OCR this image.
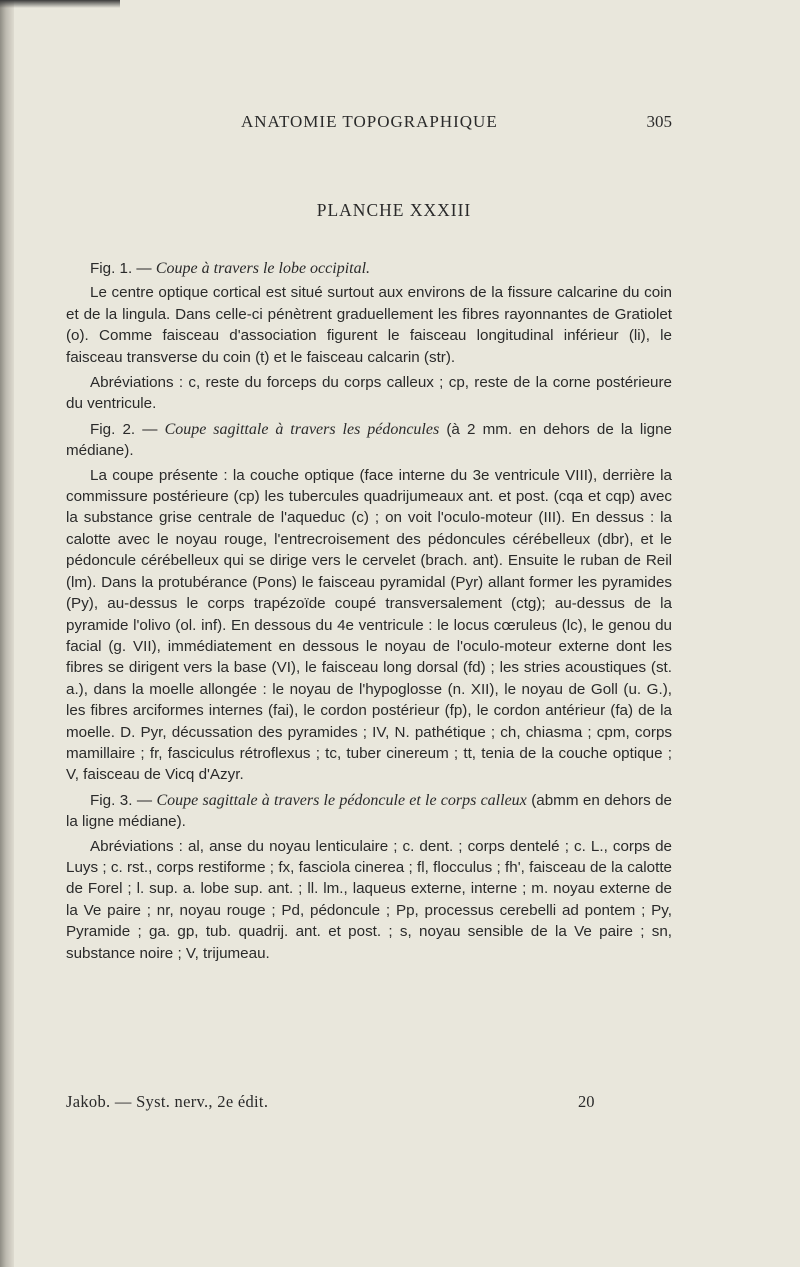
ANATOMIE TOPOGRAPHIQUE	305
PLANCHE XXXIII

Fig. 1. — Coupe à travers le lobe occipital.

Le centre optique cortical est situé surtout aux environs de la fissure calcarine du coin et de la lingula. Dans celle-ci pénètrent graduellement les fibres rayonnantes de Gratiolet (o). Comme faisceau d'association figurent le faisceau longitudinal inférieur (li), le faisceau transverse du coin (t) et le faisceau calcarin (str).

Abréviations : c, reste du forceps du corps calleux ; cp, reste de la corne postérieure du ventricule.

Fig. 2. — Coupe sagittale à travers les pédoncules (à 2 mm. en dehors de la ligne médiane).

La coupe présente : la couche optique (face interne du 3e ventricule VIII), derrière la commissure postérieure (cp) les tubercules quadrijumeaux ant. et post. (cqa et cqp) avec la substance grise centrale de l'aqueduc (c) ; on voit l'oculo-moteur (III). En dessus : la calotte avec le noyau rouge, l'entrecroisement des pédoncules cérébelleux (dbr), et le pédoncule cérébelleux qui se dirige vers le cervelet (brach. ant). Ensuite le ruban de Reil (lm). Dans la protubérance (Pons) le faisceau pyramidal (Pyr) allant former les pyramides (Py), au-dessus le corps trapézoïde coupé transversalement (ctg); au-dessus de la pyramide l'olivo (ol. inf). En dessous du 4e ventricule : le locus cœruleus (lc), le genou du facial (g. VII), immédiatement en dessous le noyau de l'oculo-moteur externe dont les fibres se dirigent vers la base (VI), le faisceau long dorsal (fd) ; les stries acoustiques (st. a.), dans la moelle allongée : le noyau de l'hypoglosse (n. XII), le noyau de Goll (u. G.), les fibres arciformes internes (fai), le cordon postérieur (fp), le cordon antérieur (fa) de la moelle. D. Pyr, décussation des pyramides ; IV, N. pathétique ; ch, chiasma ; cpm, corps mamillaire ; fr, fasciculus rétroflexus ; tc, tuber cinereum ; tt, tenia de la couche optique ; V, faisceau de Vicq d'Azyr.

Fig. 3. — Coupe sagittale à travers le pédoncule et le corps calleux (abmm en dehors de la ligne médiane).

Abréviations : al, anse du noyau lenticulaire ; c. dent. ; corps dentelé ; c. L., corps de Luys ; c. rst., corps restiforme ; fx, fasciola cinerea ; fl, flocculus ; fh', faisceau de la calotte de Forel ; l. sup. a. lobe sup. ant. ; ll. lm., laqueus externe, interne ; m. noyau externe de la Ve paire ; nr, noyau rouge ; Pd, pédoncule ; Pp, processus cerebelli ad pontem ; Py, Pyramide ; ga. gp, tub. quadrij. ant. et post. ; s, noyau sensible de la Ve paire ; sn, substance noire ; V, trijumeau.

Jakob. — Syst. nerv., 2e édit.	20
